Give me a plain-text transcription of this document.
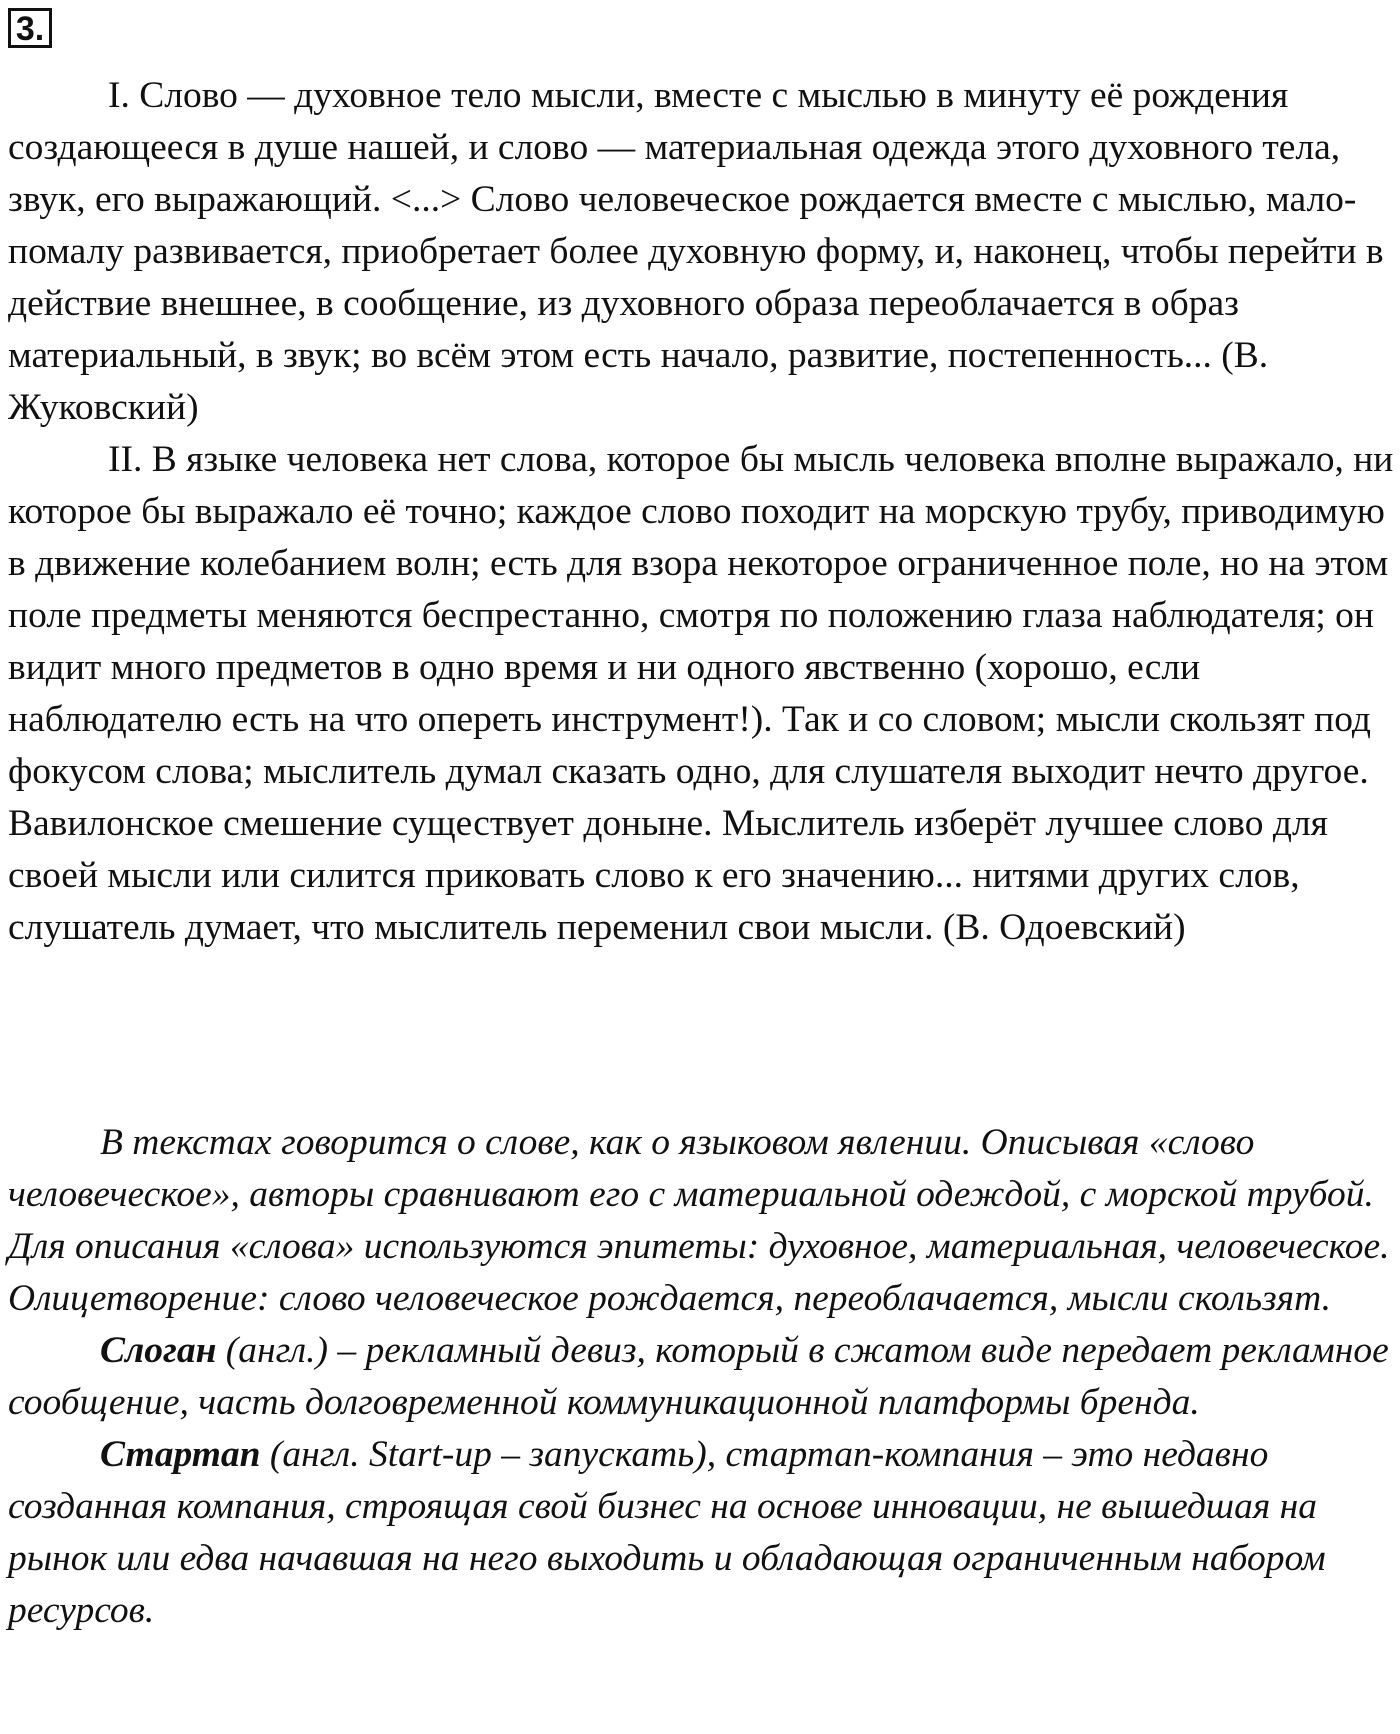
3.

I. Слово — духовное тело мысли, вместе с мыслью в минуту её рождения создающееся в душе нашей, и слово — материальная одежда этого духовного тела, звук, его выражающий. <...> Слово человеческое рождается вместе с мыслью, мало-помалу развивается, приобретает более духовную форму, и, наконец, чтобы перейти в действие внешнее, в сообщение, из духовного образа переоблачается в образ материальный, в звук; во всём этом есть начало, развитие, постепенность... (В. Жуковский)

II. В языке человека нет слова, которое бы мысль человека вполне выражало, ни которое бы выражало её точно; каждое слово походит на морскую трубу, приводимую в движение колебанием волн; есть для взора некоторое ограниченное поле, но на этом поле предметы меняются беспрестанно, смотря по положению глаза наблюдателя; он видит много предметов в одно время и ни одного явственно (хорошо, если наблюдателю есть на что опереть инструмент!). Так и со словом; мысли скользят под фокусом слова; мыслитель думал сказать одно, для слушателя выходит нечто другое. Вавилонское смешение существует доныне. Мыслитель изберёт лучшее слово для своей мысли или силится приковать слово к его значению... нитями других слов, слушатель думает, что мыслитель переменил свои мысли. (В. Одоевский)

В текстах говорится о слове, как о языковом явлении. Описывая «слово человеческое», авторы сравнивают его с материальной одеждой, с морской трубой. Для описания «слова» используются эпитеты: духовное, материальная, человеческое. Олицетворение: слово человеческое рождается, переоблачается, мысли скользят.

Слоган (англ.) – рекламный девиз, который в сжатом виде передает рекламное сообщение, часть долговременной коммуникационной платформы бренда.

Стартап (англ. Start-up – запускать), стартап-компания – это недавно созданная компания, строящая свой бизнес на основе инновации, не вышедшая на рынок или едва начавшая на него выходить и обладающая ограниченным набором ресурсов.
